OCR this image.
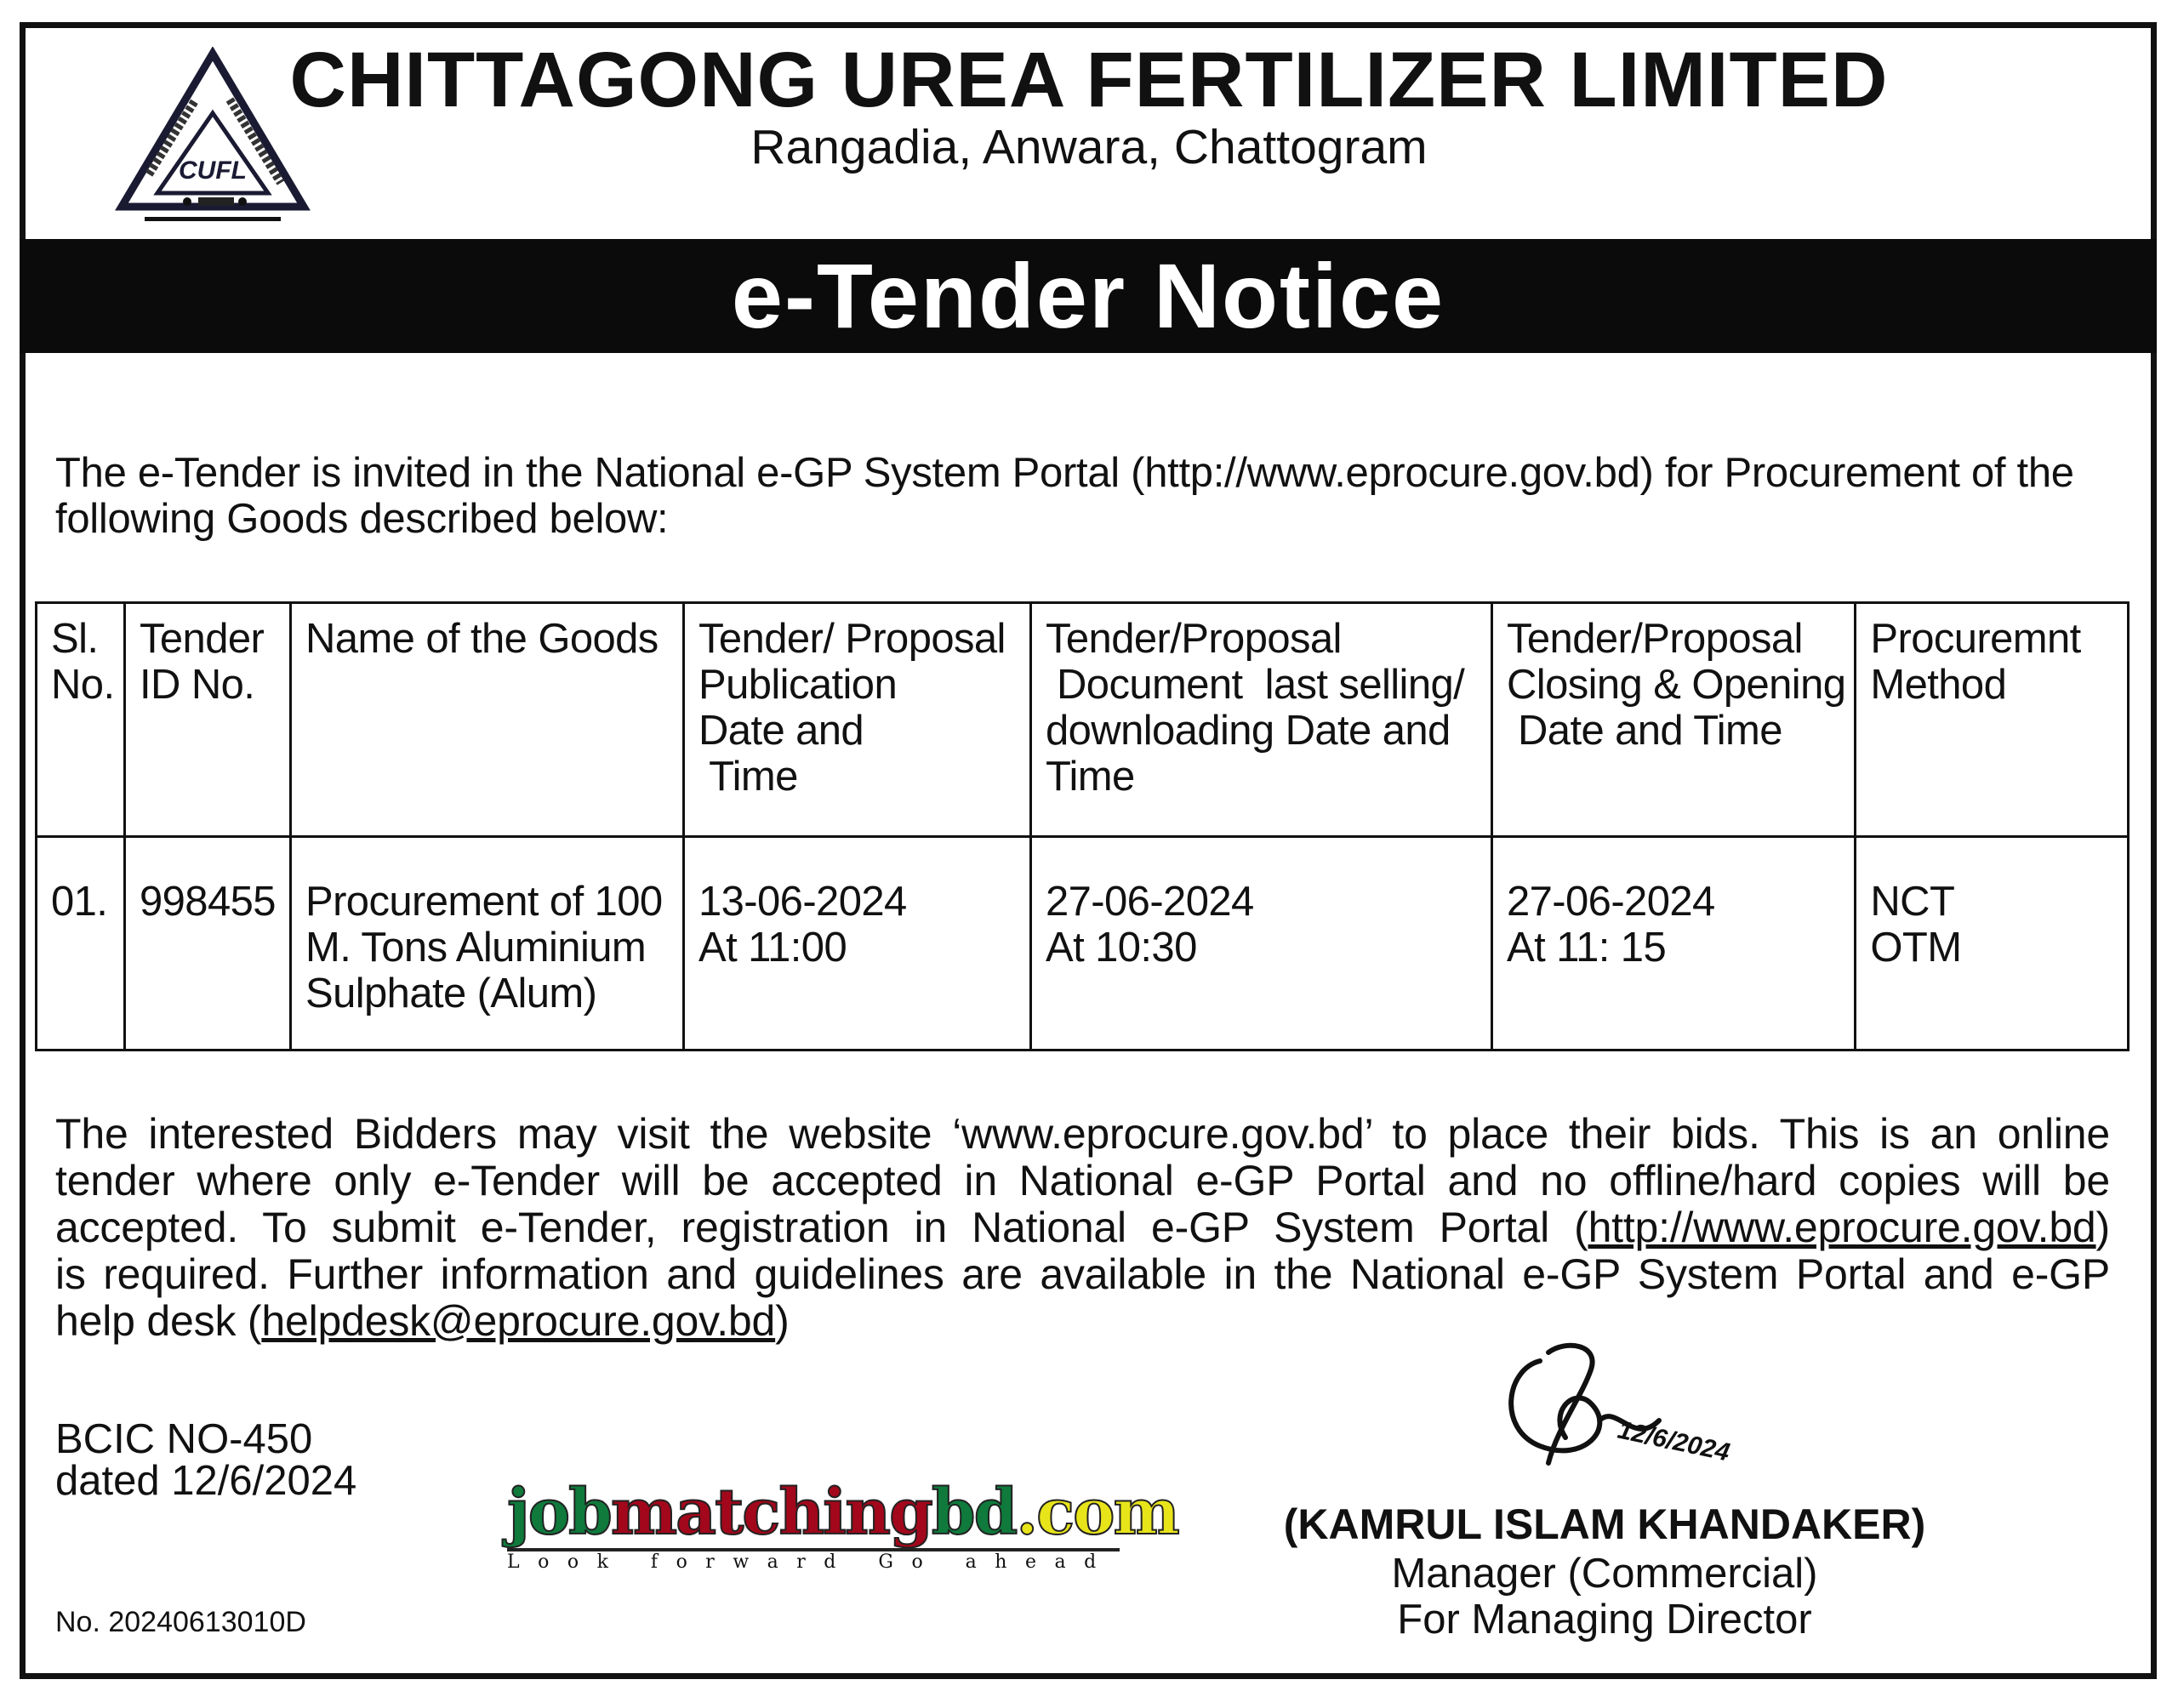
CUFL
CHITTAGONG UREA FERTILIZER LIMITED
Rangadia, Anwara, Chattogram
e-Tender Notice
The e-Tender is invited in the National e-GP System Portal (http://www.eprocure.gov.bd) for Procurement of the
following Goods described below:
Sl.
No.	Tender
ID No.	Name of the Goods	Tender/ Proposal
Publication
Date and
Time	Tender/Proposal
Document  last selling/
downloading Date and
Time	Tender/Proposal
Closing & Opening
Date and Time	Procuremnt
Method

01.	998455	Procurement of 100
M. Tons Aluminium
Sulphate (Alum)	13-06-2024
At 11:00	27-06-2024
At 10:30	27-06-2024
At 11: 15	NCT
OTM
The interested Bidders may visit the website ‘www.eprocure.gov.bd’ to place their bids. This is an online
tender where only e-Tender will be accepted in National e-GP Portal and no offline/hard copies will be
accepted. To submit e-Tender, registration in National e-GP System Portal (http://www.eprocure.gov.bd)
is required. Further information and guidelines are available in the National e-GP System Portal and e-GP
help desk (helpdesk@eprocure.gov.bd)
BCIC NO-450
dated 12/6/2024
No. 20240613010D
jobmatchingbd.com
Look forward Go ahead
12/6/2024
(KAMRUL ISLAM KHANDAKER)
Manager (Commercial)
For Managing Director
